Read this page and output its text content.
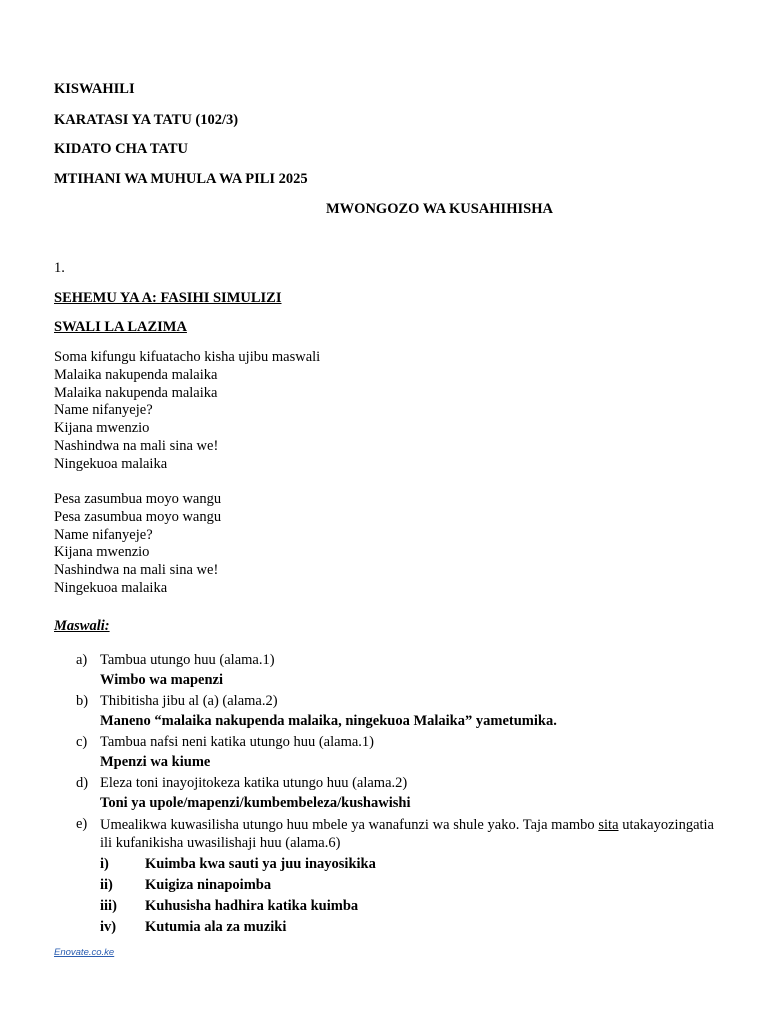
KISWAHILI
KARATASI YA TATU (102/3)
KIDATO CHA TATU
MTIHANI WA MUHULA WA PILI 2025
MWONGOZO WA KUSAHIHISHA
1.
SEHEMU YA A: FASIHI SIMULIZI
SWALI LA LAZIMA
Soma kifungu kifuatacho kisha ujibu maswali
Malaika nakupenda malaika
Malaika nakupenda malaika
Name nifanyeje?
Kijana mwenzio
Nashindwa na mali sina we!
Ningekuoa malaika
Pesa zasumbua moyo wangu
Pesa zasumbua moyo wangu
Name nifanyeje?
Kijana mwenzio
Nashindwa na mali sina we!
Ningekuoa malaika
Maswali:
a) Tambua utungo huu (alama.1)
Wimbo wa mapenzi
b) Thibitisha jibu al (a) (alama.2)
Maneno “malaika nakupenda malaika, ningekuoa Malaika” yametumika.
c) Tambua nafsi neni katika utungo huu (alama.1)
Mpenzi wa kiume
d) Eleza toni inayojitokeza katika utungo huu (alama.2)
Toni ya upole/mapenzi/kumbembeleza/kushawishi
e) Umealikwa kuwasilisha utungo huu mbele ya wanafunzi wa shule yako. Taja mambo sita utakayozingatia ili kufanikisha uwasilishaji huu (alama.6)
i) Kuimba kwa sauti ya juu inayosikika
ii) Kuigiza ninapoimba
iii) Kuhusisha hadhira katika kuimba
iv) Kutumia ala za muziki
Enovate.co.ke
